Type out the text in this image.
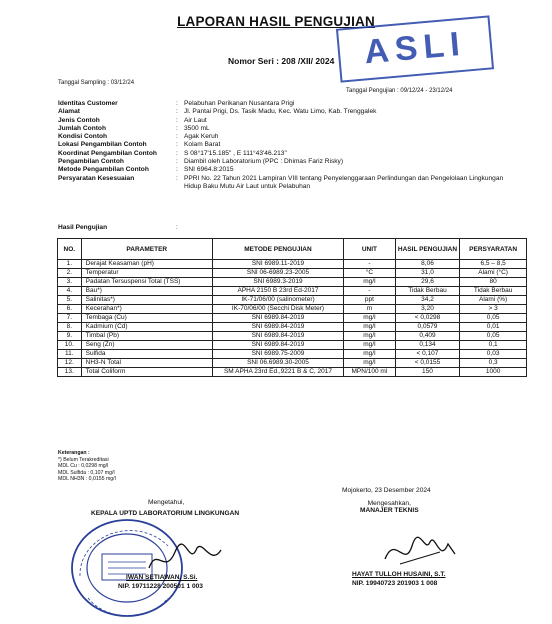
LAPORAN HASIL PENGUJIAN
ASLI
Nomor Seri : 208 /XII/ 2024
Tanggal Sampling : 03/12/24
Tanggal Pengujian : 09/12/24 - 23/12/24
Identitas Customer	: Pelabuhan Perikanan Nusantara Prigi
Alamat	: Jl. Pantai Prigi, Ds. Tasik Madu, Kec. Watu Limo, Kab. Trenggalek
Jenis Contoh	: Air Laut
Jumlah Contoh	: 3500 mL
Kondisi Contoh	: Agak Keruh
Lokasi Pengambilan Contoh	: Kolam Barat
Koordinat Pengambilan Contoh	: S 08°17'15.185" , E 111°43'46.213"
Pengambilan Contoh	: Diambil oleh Laboratorium (PPC : Dhimas Fariz Risky)
Metode Pengambilan Contoh	: SNI 6964.8:2015
Persyaratan Kesesuaian	: PPRI No. 22 Tahun 2021 Lampiran VIII tentang Penyelenggaraan Perlindungan dan Pengelolaan Lingkungan Hidup Baku Mutu Air Laut untuk Pelabuhan
Hasil Pengujian	:
NO.	PARAMETER	METODE PENGUJIAN	UNIT	HASIL PENGUJIAN	PERSYARATAN
1.	Derajat Keasaman (pH)	SNI 6989.11-2019	-	8,06	6,5 – 8,5
2.	Temperatur	SNI 06-6989.23-2005	°C	31,0	Alami (°C)
3.	Padatan Tersuspensi Total (TSS)	SNI 6989.3-2019	mg/l	29,6	80
4.	Bau*)	APHA 2150 B 23rd Ed-2017	-	Tidak Berbau	Tidak Berbau
5.	Salinitas*)	IK-71/06/00 (salinometer)	ppt	34,2	Alami (%)
6.	Kecerahan*)	IK-70/06/00 (Secchi Disk Meter)	m	3,20	> 3
7.	Tembaga (Cu)	SNI 6989.84-2019	mg/l	< 0,0298	0,05
8.	Kadmium (Cd)	SNI 6989.84-2019	mg/l	0,0579	0,01
9.	Timbal (Pb)	SNI 6989.84-2019	mg/l	0,409	0,05
10.	Seng (Zn)	SNI 6989.84-2019	mg/l	0,134	0,1
11.	Sulfida	SNI 6989.75-2009	mg/l	< 0,107	0,03
12.	NH3-N Total	SNI 06.6989.30-2005	mg/l	< 0,0155	0,3
13.	Total Coliform	SM APHA 23rd Ed.,9221 B & C, 2017	MPN/100 ml	150	1000
Keterangan :
*) Belum Terakreditasi
MDL Cu : 0,0298 mg/l
MDL Sulfida : 0,107 mg/l
MDL NH3N : 0,0155 mg/l
Mojokerto, 23 Desember 2024
Mengesahkan,
MANAJER TEKNIS
HAYAT TULLOH HUSAINI, S.T.
NIP. 19940723 201903 1 008
Mengetahui,
KEPALA UPTD LABORATORIUM LINGKUNGAN
IWAN SETIAWAN, S.Si.
NIP. 19711228 200501 1 003
